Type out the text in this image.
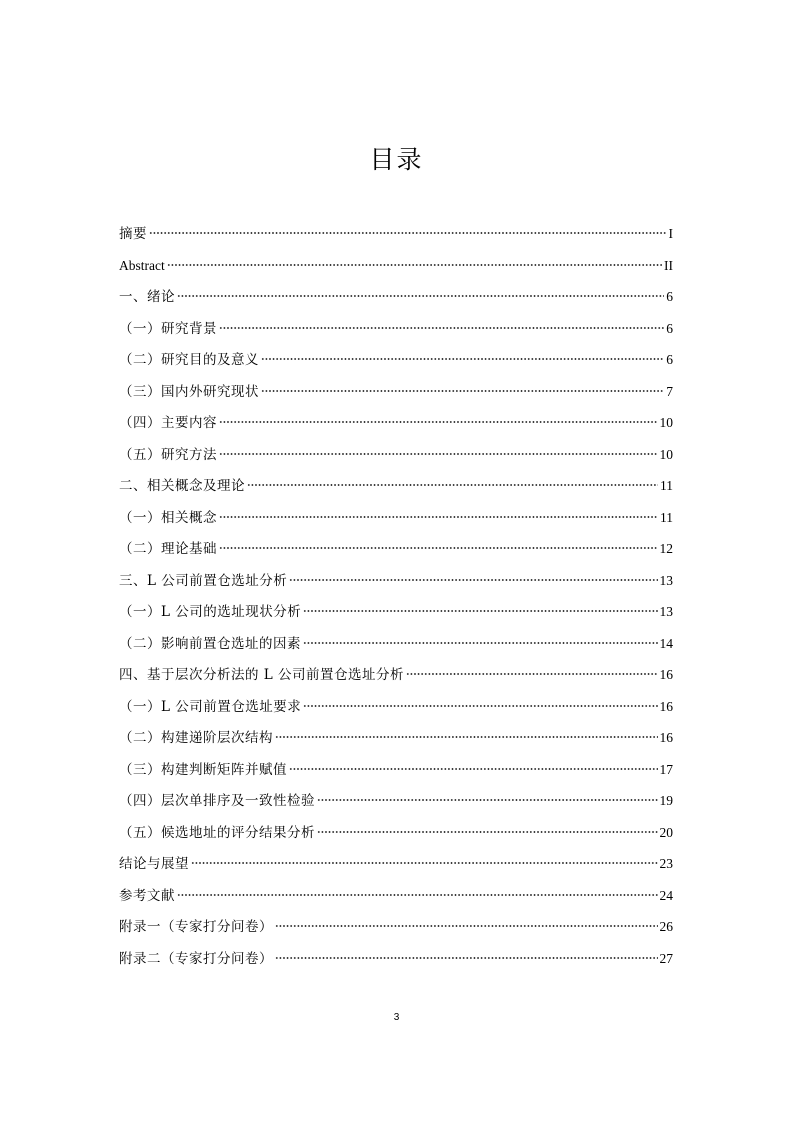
目录
摘要	I
Abstract	II
一、绪论	6
（一）研究背景	6
（二）研究目的及意义	6
（三）国内外研究现状	7
（四）主要内容	10
（五）研究方法	10
二、相关概念及理论	11
（一）相关概念	11
（二）理论基础	12
三、L 公司前置仓选址分析	13
（一）L 公司的选址现状分析	13
（二）影响前置仓选址的因素	14
四、基于层次分析法的 L 公司前置仓选址分析	16
（一）L 公司前置仓选址要求	16
（二）构建递阶层次结构	16
（三）构建判断矩阵并赋值	17
（四）层次单排序及一致性检验	19
（五）候选地址的评分结果分析	20
结论与展望	23
参考文献	24
附录一（专家打分问卷）	26
附录二（专家打分问卷）	27
3
